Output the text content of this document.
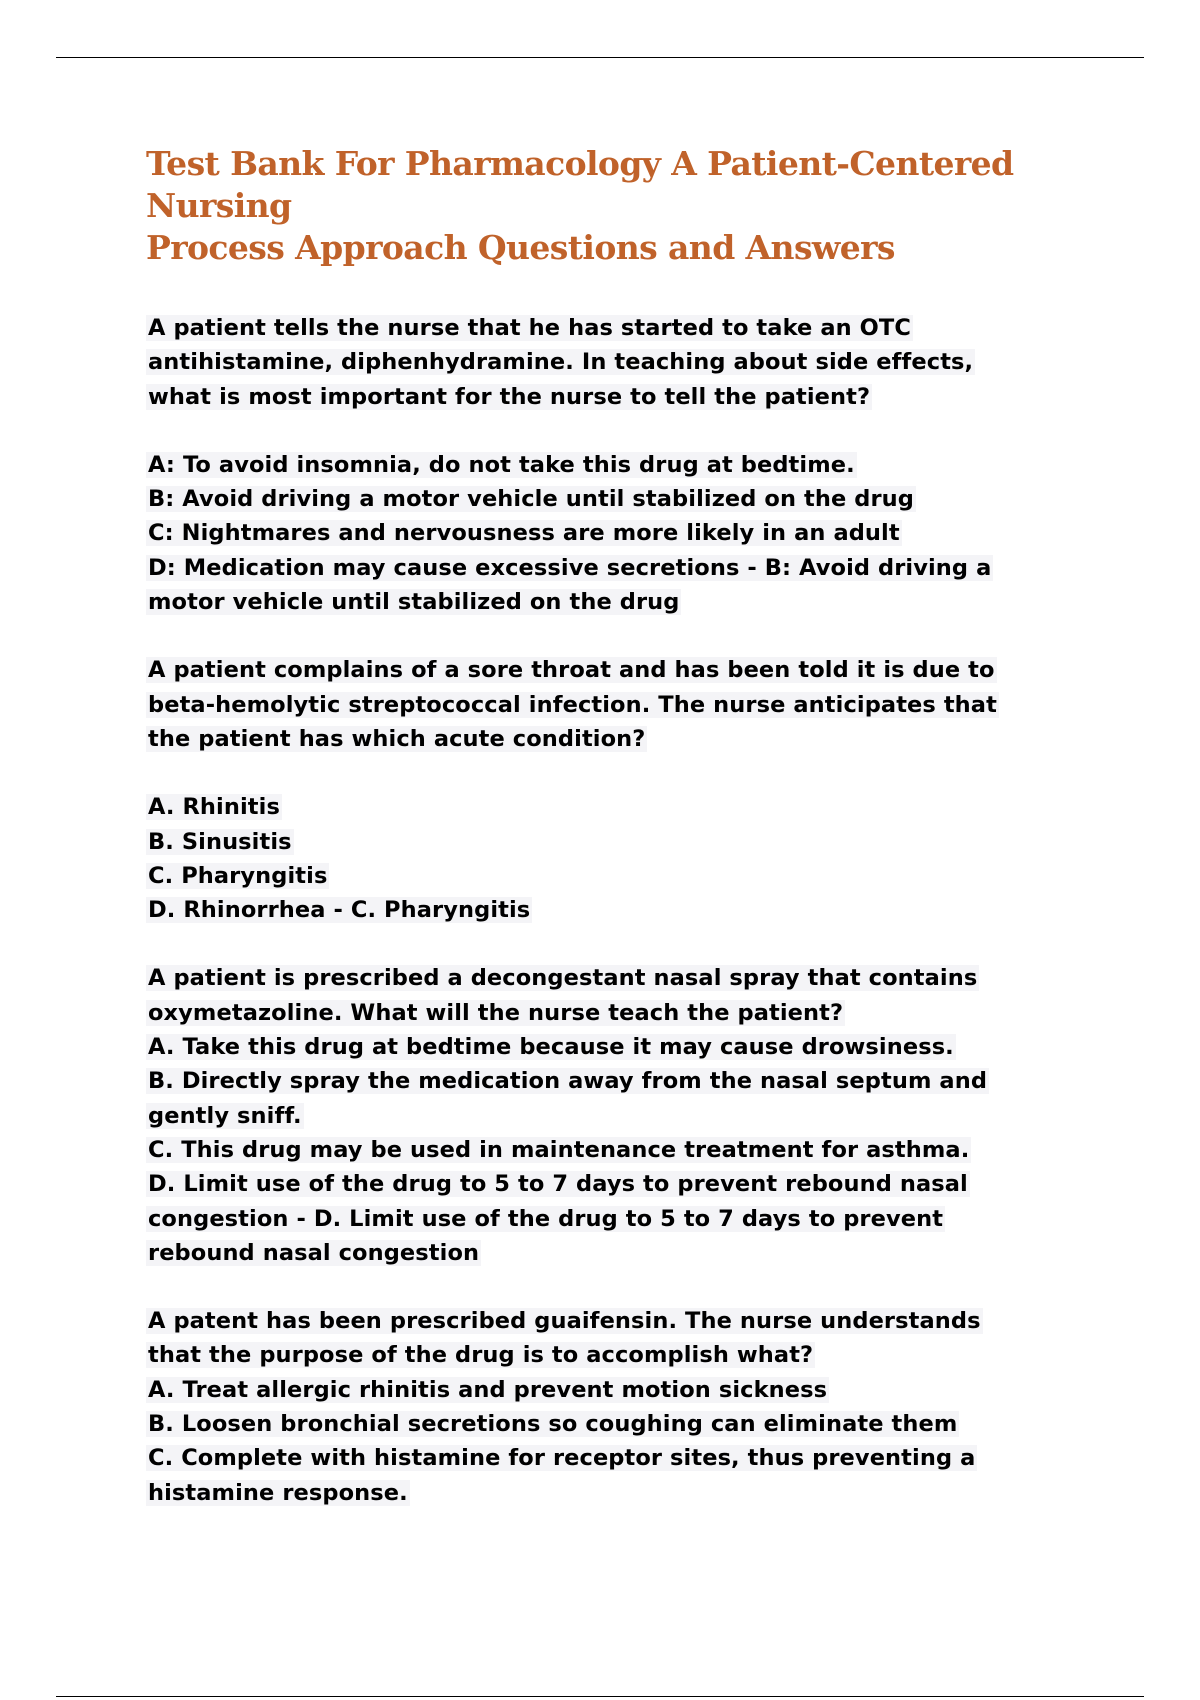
Test Bank For Pharmacology A Patient-Centered Nursing
Process Approach Questions and Answers
A patient tells the nurse that he has started to take an OTC
antihistamine, diphenhydramine. In teaching about side effects,
what is most important for the nurse to tell the patient?
A: To avoid insomnia, do not take this drug at bedtime.
B: Avoid driving a motor vehicle until stabilized on the drug
C: Nightmares and nervousness are more likely in an adult
D: Medication may cause excessive secretions - B: Avoid driving a
motor vehicle until stabilized on the drug
A patient complains of a sore throat and has been told it is due to
beta-hemolytic streptococcal infection. The nurse anticipates that
the patient has which acute condition?
A. Rhinitis
B. Sinusitis
C. Pharyngitis
D. Rhinorrhea - C. Pharyngitis
A patient is prescribed a decongestant nasal spray that contains
oxymetazoline. What will the nurse teach the patient?
A. Take this drug at bedtime because it may cause drowsiness.
B. Directly spray the medication away from the nasal septum and
gently sniff.
C. This drug may be used in maintenance treatment for asthma.
D. Limit use of the drug to 5 to 7 days to prevent rebound nasal
congestion - D. Limit use of the drug to 5 to 7 days to prevent
rebound nasal congestion
A patent has been prescribed guaifensin. The nurse understands
that the purpose of the drug is to accomplish what?
A. Treat allergic rhinitis and prevent motion sickness
B. Loosen bronchial secretions so coughing can eliminate them
C. Complete with histamine for receptor sites, thus preventing a
histamine response.
